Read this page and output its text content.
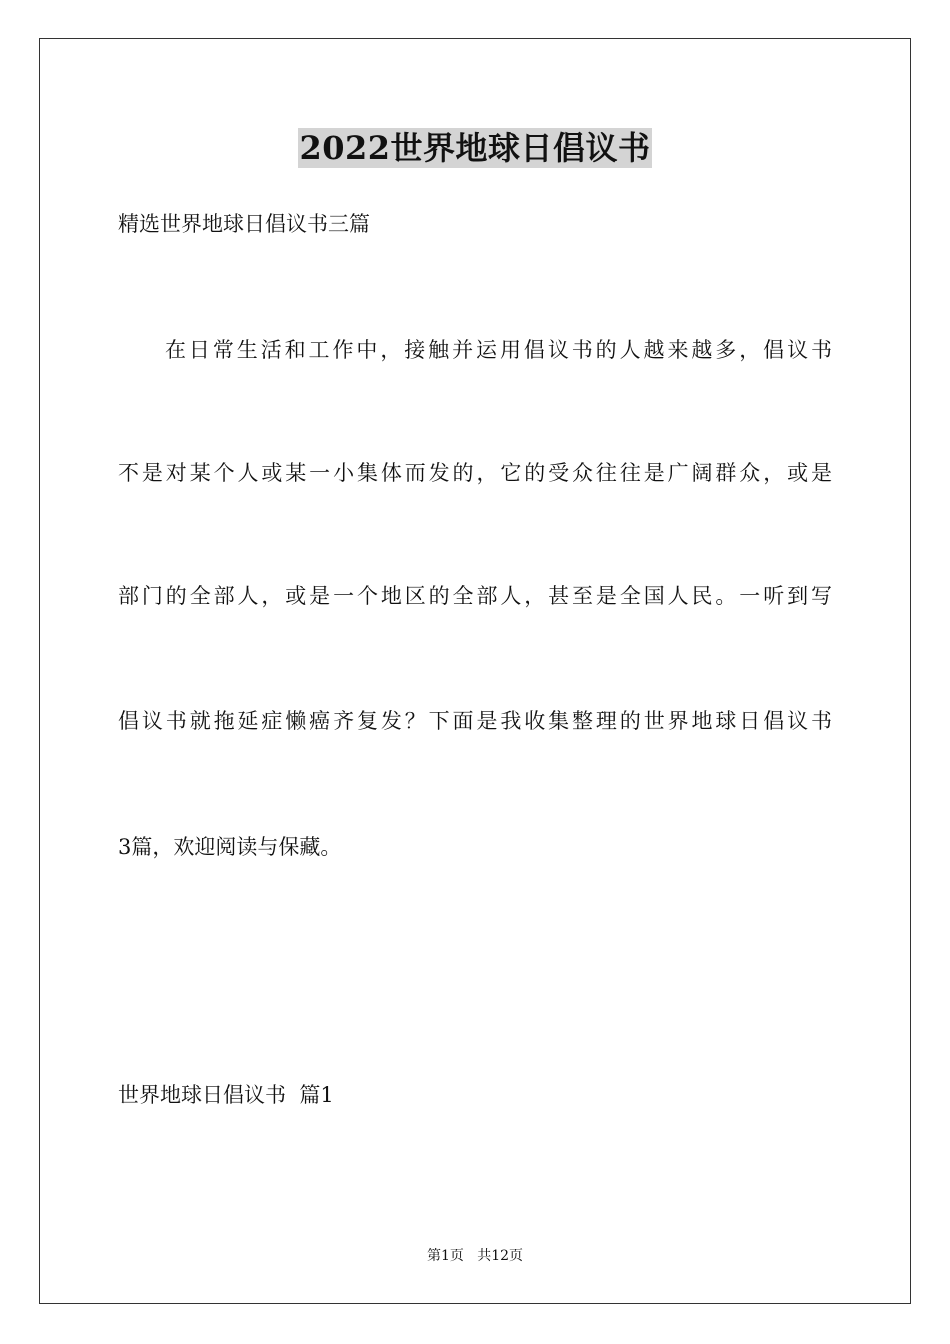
2022世界地球日倡议书
精选世界地球日倡议书三篇
在日常生活和工作中，接触并运用倡议书的人越来越多，倡议书
不是对某个人或某一小集体而发的，它的受众往往是广阔群众，或是
部门的全部人，或是一个地区的全部人，甚至是全国人民。一听到写
倡议书就拖延症懒癌齐复发？下面是我收集整理的世界地球日倡议书
3篇，欢迎阅读与保藏。
世界地球日倡议书  篇1
第1页   共12页
